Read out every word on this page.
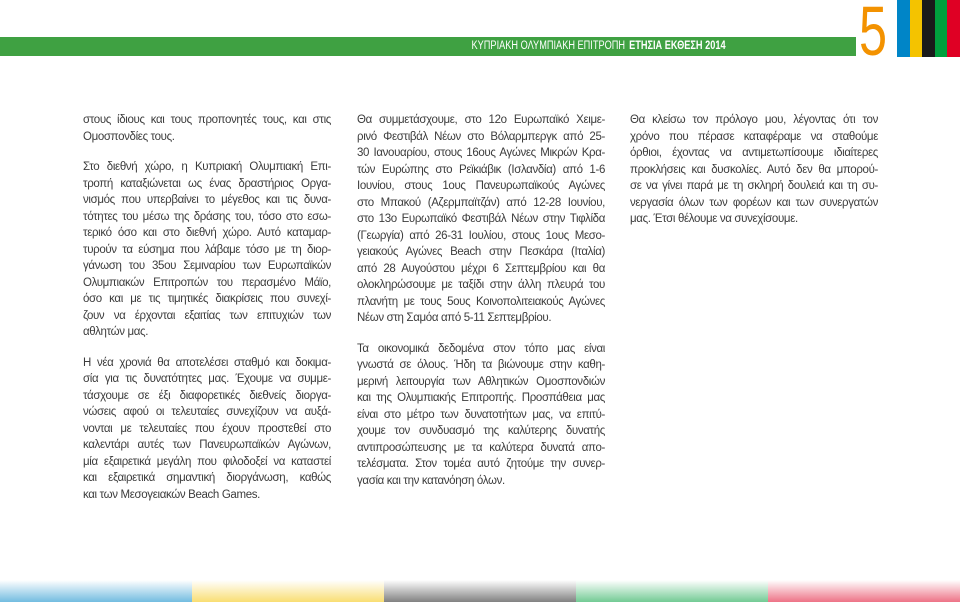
ΚΥΠΡΙΑΚΗ ΟΛΥΜΠΙΑΚΗ ΕΠΙΤΡΟΠΗ ΕΤΗΣΙΑ ΕΚΘΕΣΗ 2014 5
στους ίδιους και τους προπονητές τους, και στις
Ομοσπονδίες τους.
Στο διεθνή χώρο, η Κυπριακή Ολυμπιακή Επι-
τροπή καταξιώνεται ως ένας δραστήριος Οργα-
νισμός που υπερβαίνει το μέγεθος και τις δυνα-
τότητες του μέσω της δράσης του, τόσο στο εσω-
τερικό όσο και στο διεθνή χώρο. Αυτό καταμαρ-
τυρούν τα εύσημα που λάβαμε τόσο με τη διορ-
γάνωση του 35ου Σεμιναρίου των Ευρωπαϊκών
Ολυμπιακών Επιτροπών του περασμένο Μάϊο,
όσο και με τις τιμητικές διακρίσεις που συνεχί-
ζουν να έρχονται εξαιτίας των επιτυχιών των
αθλητών μας.
Η νέα χρονιά θα αποτελέσει σταθμό και δοκιμα-
σία για τις δυνατότητες μας. Έχουμε να συμμε-
τάσχουμε σε έξι διαφορετικές διεθνείς διοργα-
νώσεις αφού οι τελευταίες συνεχίζουν να αυξά-
νονται με τελευταίες που έχουν προστεθεί στο
καλεντάρι αυτές των Πανευρωπαϊκών Αγώνων,
μία εξαιρετικά μεγάλη που φιλοδοξεί να καταστεί
και εξαιρετικά σημαντική διοργάνωση, καθώς
και των Μεσογειακών Beach Games.
Θα συμμετάσχουμε, στο 12ο Ευρωπαϊκό Χειμε-
ρινό Φεστιβάλ Νέων στο Βόλαρμπεργκ από 25-
30 Ιανουαρίου, στους 16ους Αγώνες Μικρών Κρα-
τών Ευρώπης στο Ρεϊκιάβικ (Ισλανδία) από 1-6
Ιουνίου, στους 1ους Πανευρωπαϊκούς Αγώνες
στο Μπακού (Αζερμπαϊτζάν) από 12-28 Ιουνίου,
στο 13ο Ευρωπαϊκό Φεστιβάλ Νέων στην Τιφλίδα
(Γεωργία) από 26-31 Ιουλίου, στους 1ους Μεσο-
γειακούς Αγώνες Beach στην Πεσκάρα (Ιταλία)
από 28 Αυγούστου μέχρι 6 Σεπτεμβρίου και θα
ολοκληρώσουμε με ταξίδι στην άλλη πλευρά του
πλανήτη με τους 5ους Κοινοπολιτειακούς Αγώνες
Νέων στη Σαμόα από 5-11 Σεπτεμβρίου.
Τα οικονομικά δεδομένα στον τόπο μας είναι
γνωστά σε όλους. Ήδη τα βιώνουμε στην καθη-
μερινή λειτουργία των Αθλητικών Ομοσπονδιών
και της Ολυμπιακής Επιτροπής. Προσπάθεια μας
είναι στο μέτρο των δυνατοτήτων μας, να επιτύ-
χουμε τον συνδυασμό της καλύτερης δυνατής
αντιπροσώπευσης με τα καλύτερα δυνατά απο-
τελέσματα. Στον τομέα αυτό ζητούμε την συνερ-
γασία και την κατανόηση όλων.
Θα κλείσω τον πρόλογο μου, λέγοντας ότι τον
χρόνο που πέρασε καταφέραμε να σταθούμε
όρθιοι, έχοντας να αντιμετωπίσουμε ιδιαίτερες
προκλήσεις και δυσκολίες. Αυτό δεν θα μπορού-
σε να γίνει παρά με τη σκληρή δουλειά και τη συ-
νεργασία όλων των φορέων και των συνεργατών
μας. Έτσι θέλουμε να συνεχίσουμε.
